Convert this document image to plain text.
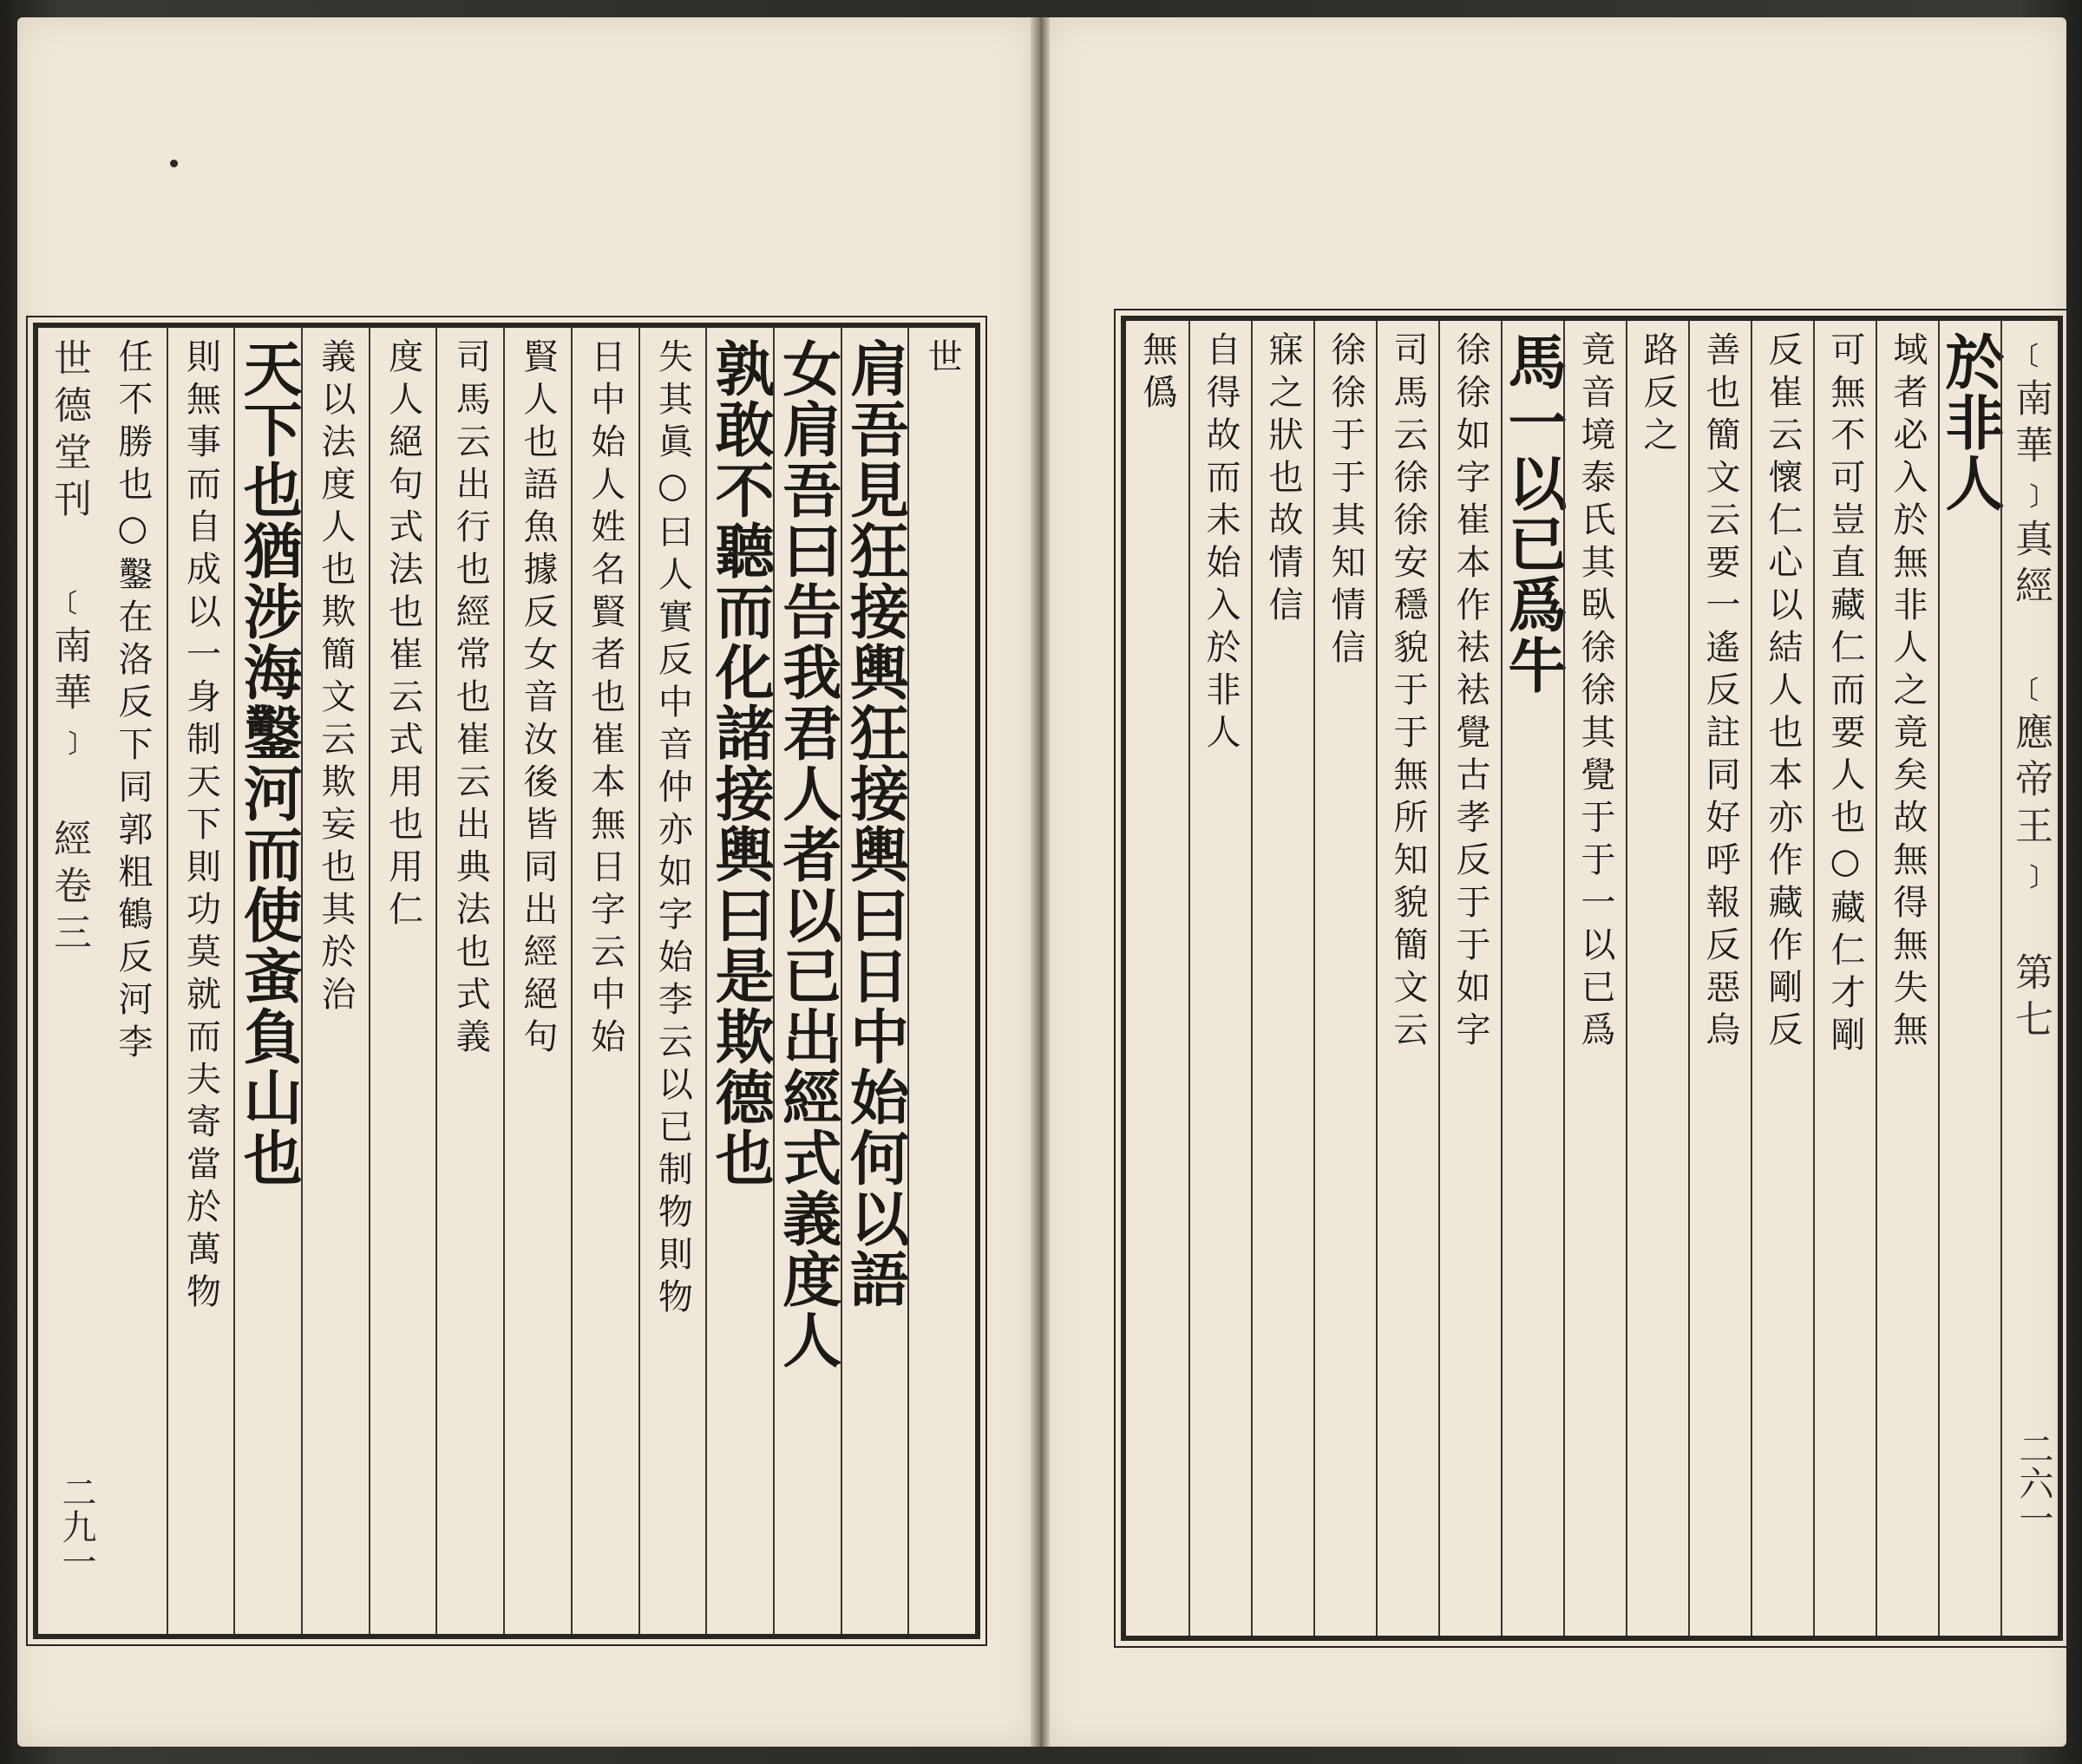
世德堂刊 ﹝南華﹞ 經卷三 任不勝也○鑿在洛反下同郭粗鶴反河李 則無事而自成以一身制天下則功莫就而夫寄當於萬物 天下也猶涉海鑿河而使蚉負山也 義以法度人也欺簡文云欺妄也其於治 度人絕句式法也崔云式用也用仁 司馬云出行也經常也崔云出典法也式義 賢人也語魚據反女音汝後皆同出經絕句 日中始人姓名賢者也崔本無日字云中始 失其眞○曰人實反中音仲亦如字始李云以已制物則物 孰敢不聽而化諸接輿曰是欺德也
女肩吾曰告我君人者以已出經式義度人
肩吾見狂接輿狂接輿曰日中始何以語 世
二九一
無僞 自得故而未始入於非人 寐之狀也故情信 徐徐于于其知情信 司馬云徐徐安穩貌于于無所知貌簡文云 徐徐如字崔本作袪袪覺古孝反于于如字 馬一以已爲牛 竟音境泰氏其臥徐徐其覺于于一以已爲 路反之 善也簡文云要一遙反註同好呼報反惡烏 反崔云懷仁心以結人也本亦作藏作剛反 可無不可豈直藏仁而要人也○藏仁才剛 域者必入於無非人之竟矣故無得無失無 於非人 ﹝南華﹞真經 ﹝應帝王﹞ 第七
二六一
